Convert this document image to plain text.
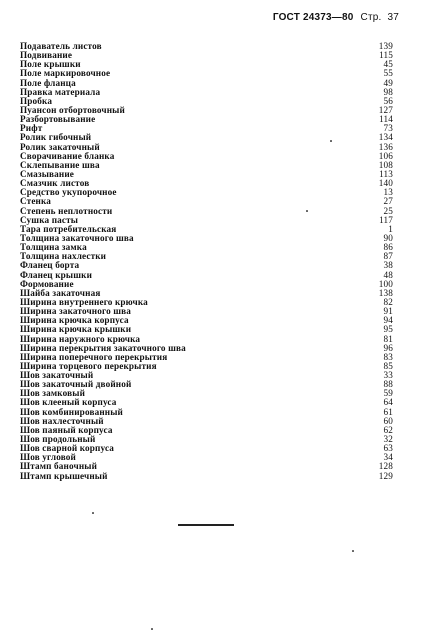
ГОСТ 24373—80 Стр. 37
Подаватель листов	139
Подвивание	115
Поле крышки	45
Поле маркировочное	55
Поле фланца	49
Правка материала	98
Пробка	56
Пуансон отбортовочный	127
Разбортовывание	114
Рифт	73
Ролик гибочный	134
Ролик закаточный	136
Сворачивание бланка	106
Склепывание шва	108
Смазывание	113
Смазчик листов	140
Средство укупорочное	13
Стенка	27
Степень неплотности	25
Сушка пасты	117
Тара потребительская	1
Толщина закаточного шва	90
Толщина замка	86
Толщина нахлестки	87
Фланец борта	38
Фланец крышки	48
Формование	100
Шайба закаточная	138
Ширина внутреннего крючка	82
Ширина закаточного шва	91
Ширина крючка корпуса	94
Ширина крючка крышки	95
Ширина наружного крючка	81
Ширина перекрытия закаточного шва	96
Ширина поперечного перекрытия	83
Ширина торцевого перекрытия	85
Шов закаточный	33
Шов закаточный двойной	88
Шов замковый	59
Шов клееный корпуса	64
Шов комбинированный	61
Шов нахлесточный	60
Шов паяный корпуса	62
Шов продольный	32
Шов сварной корпуса	63
Шов угловой	34
Штамп баночный	128
Штамп крышечный	129
